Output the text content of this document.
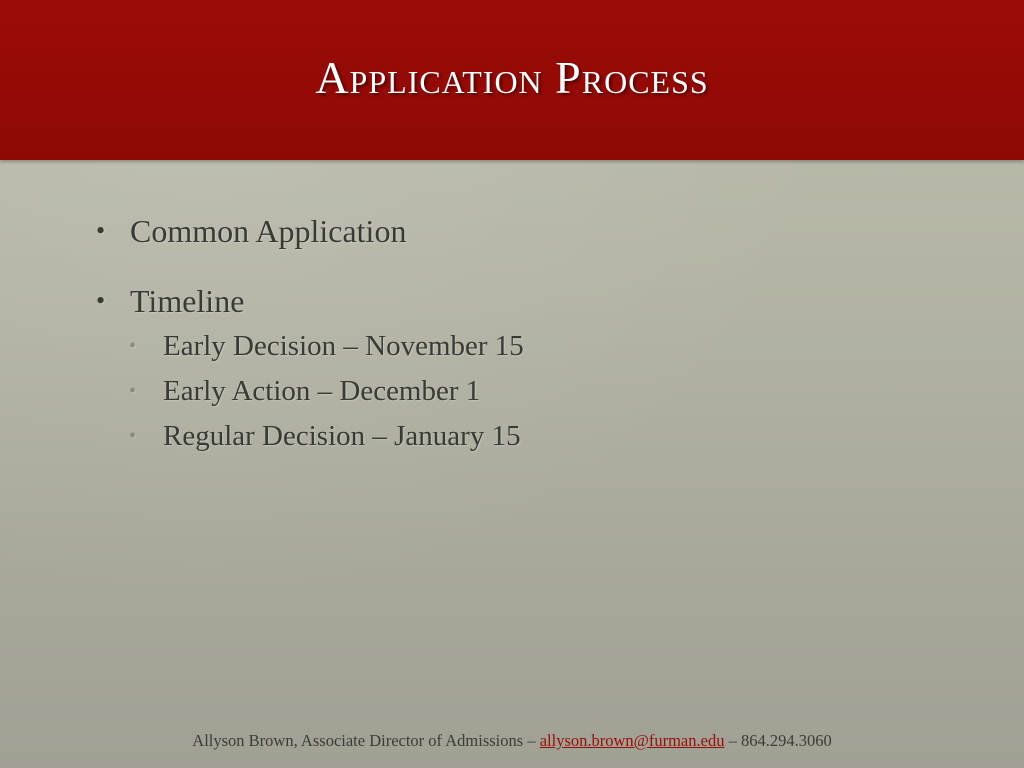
Application Process
• Common Application
• Timeline
• Early Decision – November 15
• Early Action – December 1
• Regular Decision – January 15
Allyson Brown, Associate Director of Admissions – allyson.brown@furman.edu – 864.294.3060
